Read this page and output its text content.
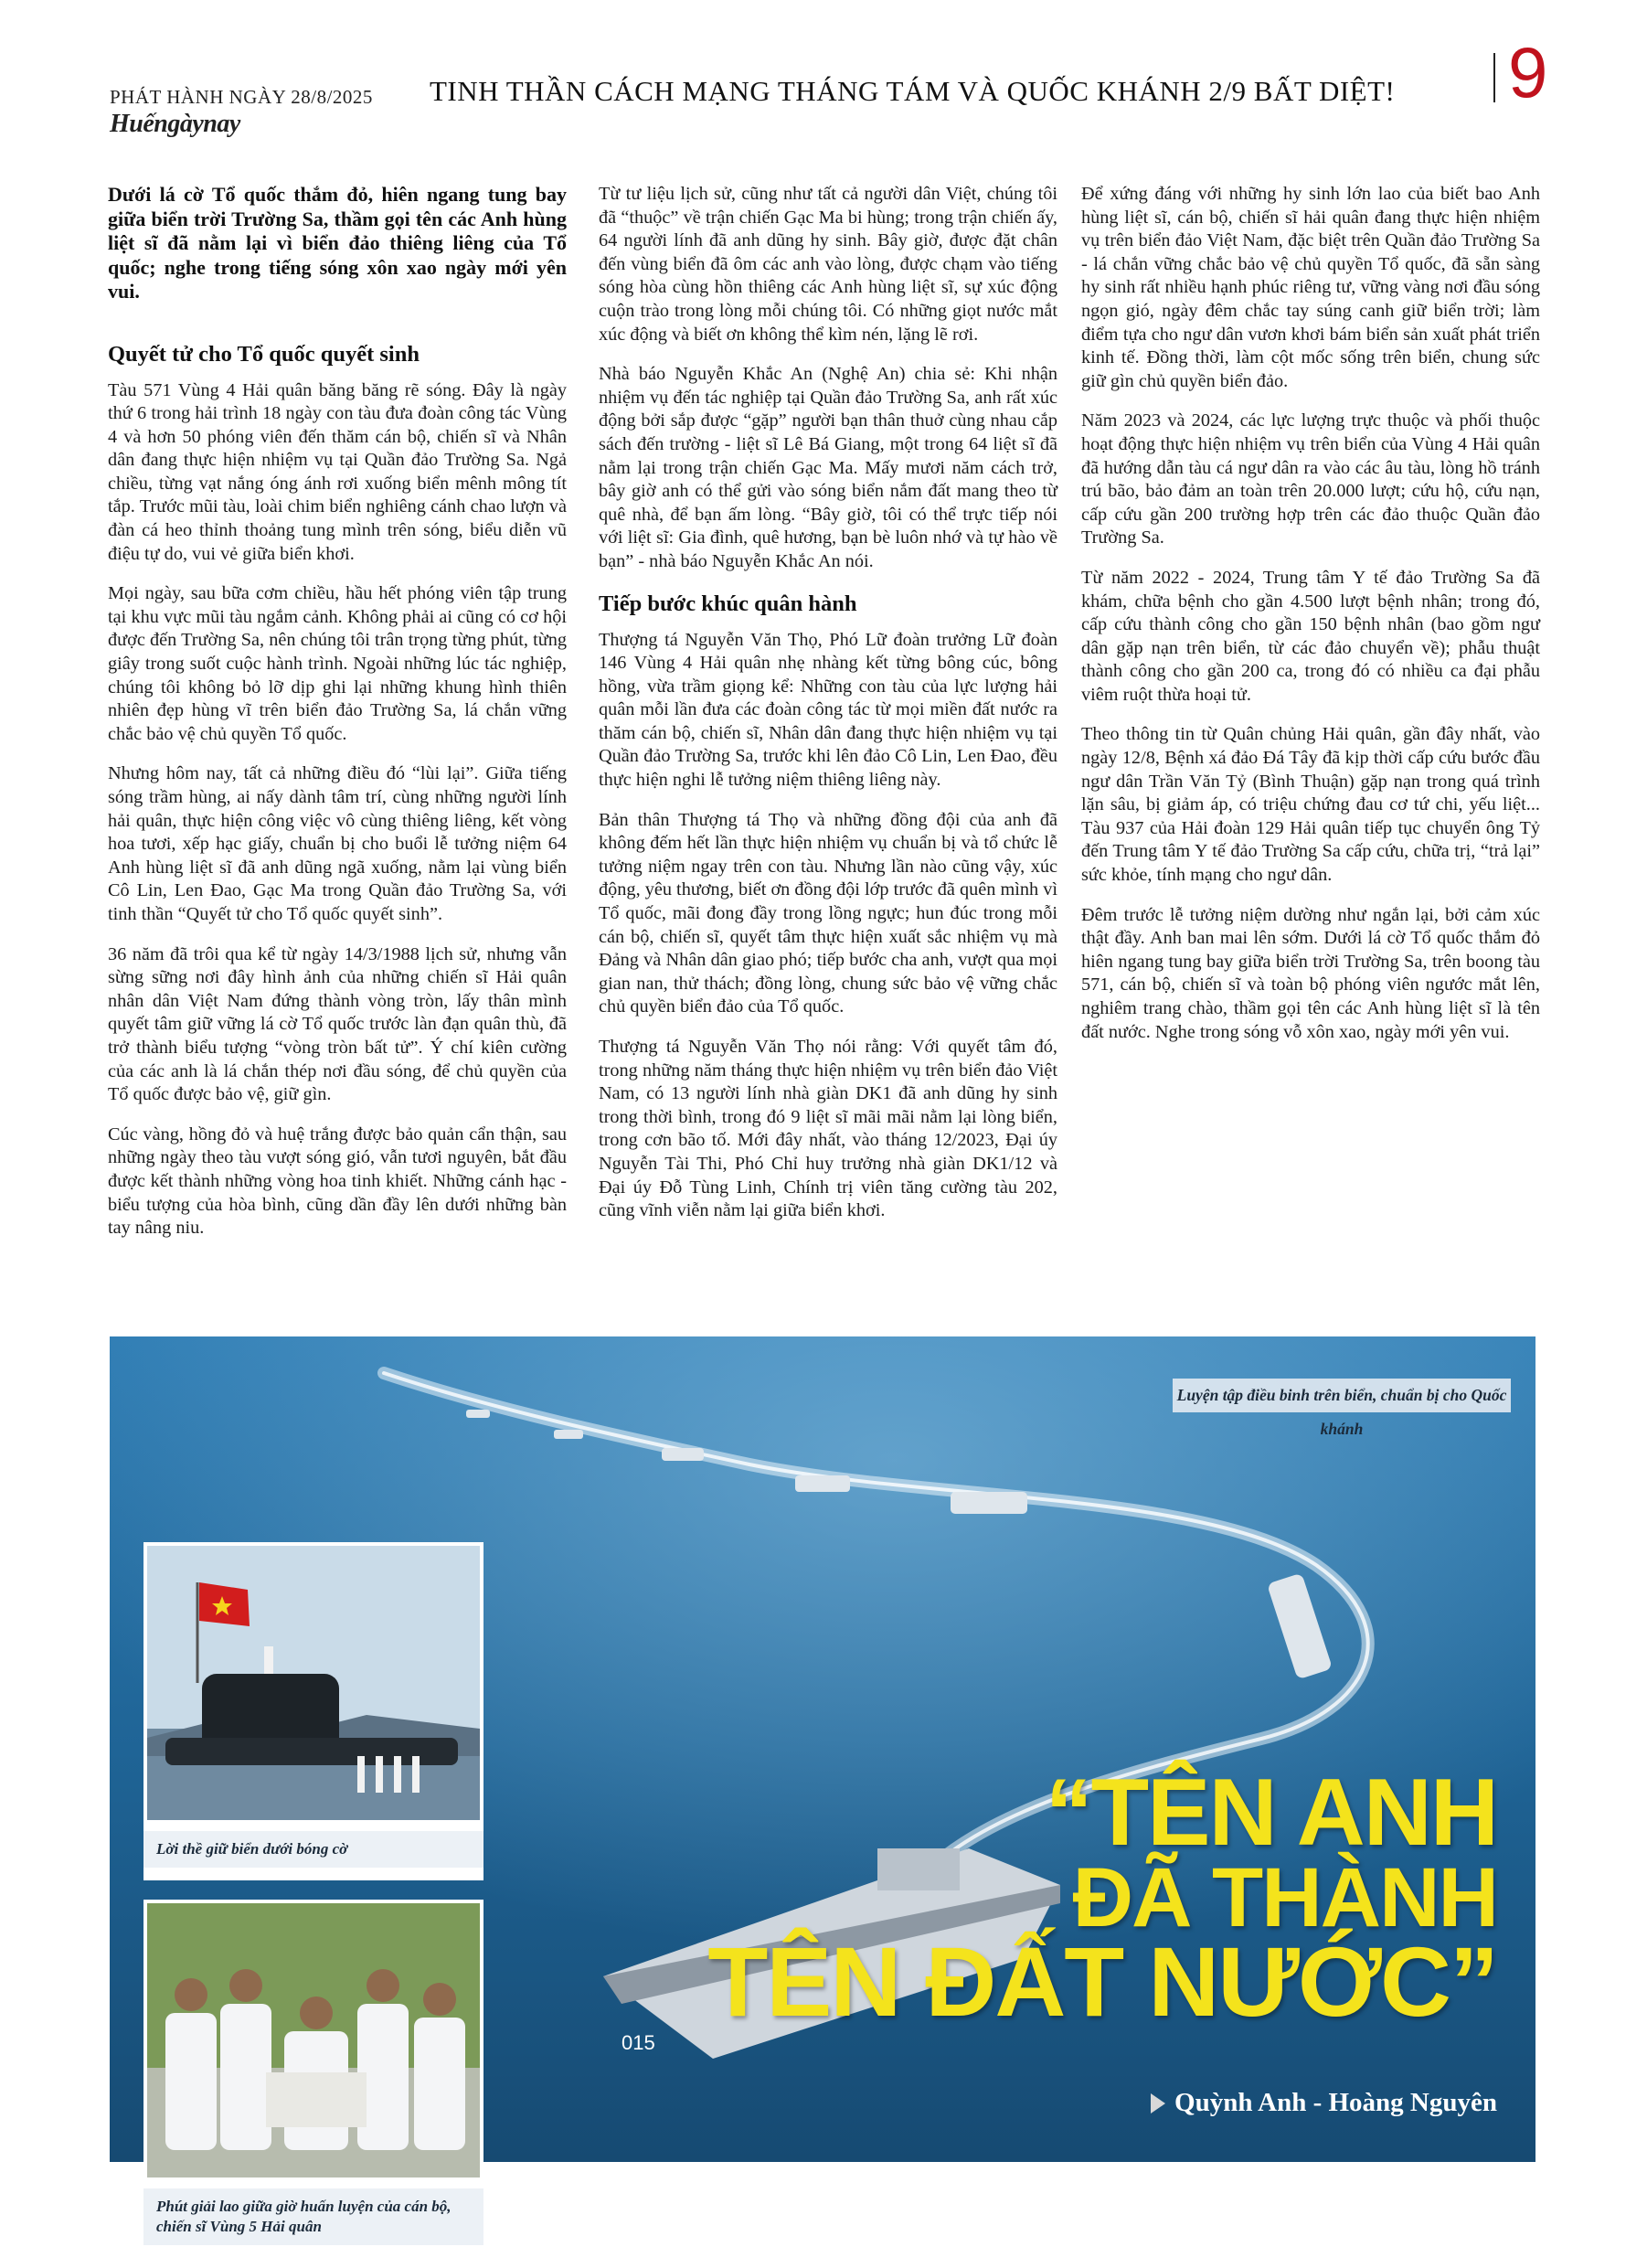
PHÁT HÀNH NGÀY 28/8/2025
Huếngàynay
TINH THẦN CÁCH MẠNG THÁNG TÁM VÀ QUỐC KHÁNH 2/9 BẤT DIỆT! 9

Dưới lá cờ Tổ quốc thắm đỏ, hiên ngang tung bay giữa biển trời Trường Sa, thầm gọi tên các Anh hùng liệt sĩ đã nằm lại vì biển đảo thiêng liêng của Tổ quốc; nghe trong tiếng sóng xôn xao ngày mới yên vui.

Quyết tử cho Tổ quốc quyết sinh

Tàu 571 Vùng 4 Hải quân băng băng rẽ sóng. Đây là ngày thứ 6 trong hải trình 18 ngày con tàu đưa đoàn công tác Vùng 4 và hơn 50 phóng viên đến thăm cán bộ, chiến sĩ và Nhân dân đang thực hiện nhiệm vụ tại Quần đảo Trường Sa. Ngả chiều, từng vạt nắng óng ánh rơi xuống biển mênh mông tít tắp. Trước mũi tàu, loài chim biển nghiêng cánh chao lượn và đàn cá heo thỉnh thoảng tung mình trên sóng, biểu diễn vũ điệu tự do, vui vẻ giữa biển khơi.

Mọi ngày, sau bữa cơm chiều, hầu hết phóng viên tập trung tại khu vực mũi tàu ngắm cảnh. Không phải ai cũng có cơ hội được đến Trường Sa, nên chúng tôi trân trọng từng phút, từng giây trong suốt cuộc hành trình. Ngoài những lúc tác nghiệp, chúng tôi không bỏ lỡ dịp ghi lại những khung hình thiên nhiên đẹp hùng vĩ trên biển đảo Trường Sa, lá chắn vững chắc bảo vệ chủ quyền Tổ quốc.

Nhưng hôm nay, tất cả những điều đó “lùi lại”. Giữa tiếng sóng trầm hùng, ai nấy dành tâm trí, cùng những người lính hải quân, thực hiện công việc vô cùng thiêng liêng, kết vòng hoa tươi, xếp hạc giấy, chuẩn bị cho buổi lễ tưởng niệm 64 Anh hùng liệt sĩ đã anh dũng ngã xuống, nằm lại vùng biển Cô Lin, Len Đao, Gạc Ma trong Quần đảo Trường Sa, với tinh thần “Quyết tử cho Tổ quốc quyết sinh”.

36 năm đã trôi qua kể từ ngày 14/3/1988 lịch sử, nhưng vẫn sừng sững nơi đây hình ảnh của những chiến sĩ Hải quân nhân dân Việt Nam đứng thành vòng tròn, lấy thân mình quyết tâm giữ vững lá cờ Tổ quốc trước làn đạn quân thù, đã trở thành biểu tượng “vòng tròn bất tử”. Ý chí kiên cường của các anh là lá chắn thép nơi đầu sóng, để chủ quyền của Tổ quốc được bảo vệ, giữ gìn.

Cúc vàng, hồng đỏ và huệ trắng được bảo quản cẩn thận, sau những ngày theo tàu vượt sóng gió, vẫn tươi nguyên, bắt đầu được kết thành những vòng hoa tinh khiết. Những cánh hạc - biểu tượng của hòa bình, cũng dần đầy lên dưới những bàn tay nâng niu.

Từ tư liệu lịch sử, cũng như tất cả người dân Việt, chúng tôi đã “thuộc” về trận chiến Gạc Ma bi hùng; trong trận chiến ấy, 64 người lính đã anh dũng hy sinh. Bây giờ, được đặt chân đến vùng biển đã ôm các anh vào lòng, được chạm vào tiếng sóng hòa cùng hồn thiêng các Anh hùng liệt sĩ, sự xúc động cuộn trào trong lòng mỗi chúng tôi. Có những giọt nước mắt xúc động và biết ơn không thể kìm nén, lặng lẽ rơi.

Nhà báo Nguyễn Khắc An (Nghệ An) chia sẻ: Khi nhận nhiệm vụ đến tác nghiệp tại Quần đảo Trường Sa, anh rất xúc động bởi sắp được “gặp” người bạn thân thuở cùng nhau cắp sách đến trường - liệt sĩ Lê Bá Giang, một trong 64 liệt sĩ đã nằm lại trong trận chiến Gạc Ma. Mấy mươi năm cách trở, bây giờ anh có thể gửi vào sóng biển nắm đất mang theo từ quê nhà, để bạn ấm lòng. “Bây giờ, tôi có thể trực tiếp nói với liệt sĩ: Gia đình, quê hương, bạn bè luôn nhớ và tự hào về bạn” - nhà báo Nguyễn Khắc An nói.

Tiếp bước khúc quân hành

Thượng tá Nguyễn Văn Thọ, Phó Lữ đoàn trưởng Lữ đoàn 146 Vùng 4 Hải quân nhẹ nhàng kết từng bông cúc, bông hồng, vừa trầm giọng kể: Những con tàu của lực lượng hải quân mỗi lần đưa các đoàn công tác từ mọi miền đất nước ra thăm cán bộ, chiến sĩ, Nhân dân đang thực hiện nhiệm vụ tại Quần đảo Trường Sa, trước khi lên đảo Cô Lin, Len Đao, đều thực hiện nghi lễ tưởng niệm thiêng liêng này.

Bản thân Thượng tá Thọ và những đồng đội của anh đã không đếm hết lần thực hiện nhiệm vụ chuẩn bị và tổ chức lễ tưởng niệm ngay trên con tàu. Nhưng lần nào cũng vậy, xúc động, yêu thương, biết ơn đồng đội lớp trước đã quên mình vì Tổ quốc, mãi đong đầy trong lồng ngực; hun đúc trong mỗi cán bộ, chiến sĩ, quyết tâm thực hiện xuất sắc nhiệm vụ mà Đảng và Nhân dân giao phó; tiếp bước cha anh, vượt qua mọi gian nan, thử thách; đồng lòng, chung sức bảo vệ vững chắc chủ quyền biển đảo của Tổ quốc.

Thượng tá Nguyễn Văn Thọ nói rằng: Với quyết tâm đó, trong những năm tháng thực hiện nhiệm vụ trên biển đảo Việt Nam, có 13 người lính nhà giàn DK1 đã anh dũng hy sinh trong thời bình, trong đó 9 liệt sĩ mãi mãi nằm lại lòng biển, trong cơn bão tố. Mới đây nhất, vào tháng 12/2023, Đại úy Nguyễn Tài Thi, Phó Chỉ huy trưởng nhà giàn DK1/12 và Đại úy Đỗ Tùng Linh, Chính trị viên tăng cường tàu 202, cũng vĩnh viễn nằm lại giữa biển khơi.

Để xứng đáng với những hy sinh lớn lao của biết bao Anh hùng liệt sĩ, cán bộ, chiến sĩ hải quân đang thực hiện nhiệm vụ trên biển đảo Việt Nam, đặc biệt trên Quần đảo Trường Sa - lá chắn vững chắc bảo vệ chủ quyền Tổ quốc, đã sẵn sàng hy sinh rất nhiều hạnh phúc riêng tư, vững vàng nơi đầu sóng ngọn gió, ngày đêm chắc tay súng canh giữ biển trời; làm điểm tựa cho ngư dân vươn khơi bám biển sản xuất phát triển kinh tế. Đồng thời, làm cột mốc sống trên biển, chung sức giữ gìn chủ quyền biển đảo.

Năm 2023 và 2024, các lực lượng trực thuộc và phối thuộc hoạt động thực hiện nhiệm vụ trên biển của Vùng 4 Hải quân đã hướng dẫn tàu cá ngư dân ra vào các âu tàu, lòng hồ tránh trú bão, bảo đảm an toàn trên 20.000 lượt; cứu hộ, cứu nạn, cấp cứu gần 200 trường hợp trên các đảo thuộc Quần đảo Trường Sa.

Từ năm 2022 - 2024, Trung tâm Y tế đảo Trường Sa đã khám, chữa bệnh cho gần 4.500 lượt bệnh nhân; trong đó, cấp cứu thành công cho gần 150 bệnh nhân (bao gồm ngư dân gặp nạn trên biển, từ các đảo chuyển về); phẫu thuật thành công cho gần 200 ca, trong đó có nhiều ca đại phẫu viêm ruột thừa hoại tử.

Theo thông tin từ Quân chủng Hải quân, gần đây nhất, vào ngày 12/8, Bệnh xá đảo Đá Tây đã kịp thời cấp cứu bước đầu ngư dân Trần Văn Tỷ (Bình Thuận) gặp nạn trong quá trình lặn sâu, bị giảm áp, có triệu chứng đau cơ tứ chi, yếu liệt... Tàu 937 của Hải đoàn 129 Hải quân tiếp tục chuyển ông Tỷ đến Trung tâm Y tế đảo Trường Sa cấp cứu, chữa trị, “trả lại” sức khỏe, tính mạng cho ngư dân.

Đêm trước lễ tưởng niệm dường như ngắn lại, bởi cảm xúc thật đầy. Anh ban mai lên sớm. Dưới lá cờ Tổ quốc thắm đỏ hiên ngang tung bay giữa biển trời Trường Sa, trên boong tàu 571, cán bộ, chiến sĩ và toàn bộ phóng viên ngước mắt lên, nghiêm trang chào, thầm gọi tên các Anh hùng liệt sĩ là tên đất nước. Nghe trong sóng vỗ xôn xao, ngày mới yên vui.

015
Luyện tập điều binh trên biển, chuẩn bị cho Quốc khánh
Lời thề giữ biển dưới bóng cờ
Phút giải lao giữa giờ huấn luyện của cán bộ, chiến sĩ Vùng 5 Hải quân
“TÊN ANH
ĐÃ THÀNH
TÊN ĐẤT NƯỚC”
Quỳnh Anh - Hoàng Nguyên
